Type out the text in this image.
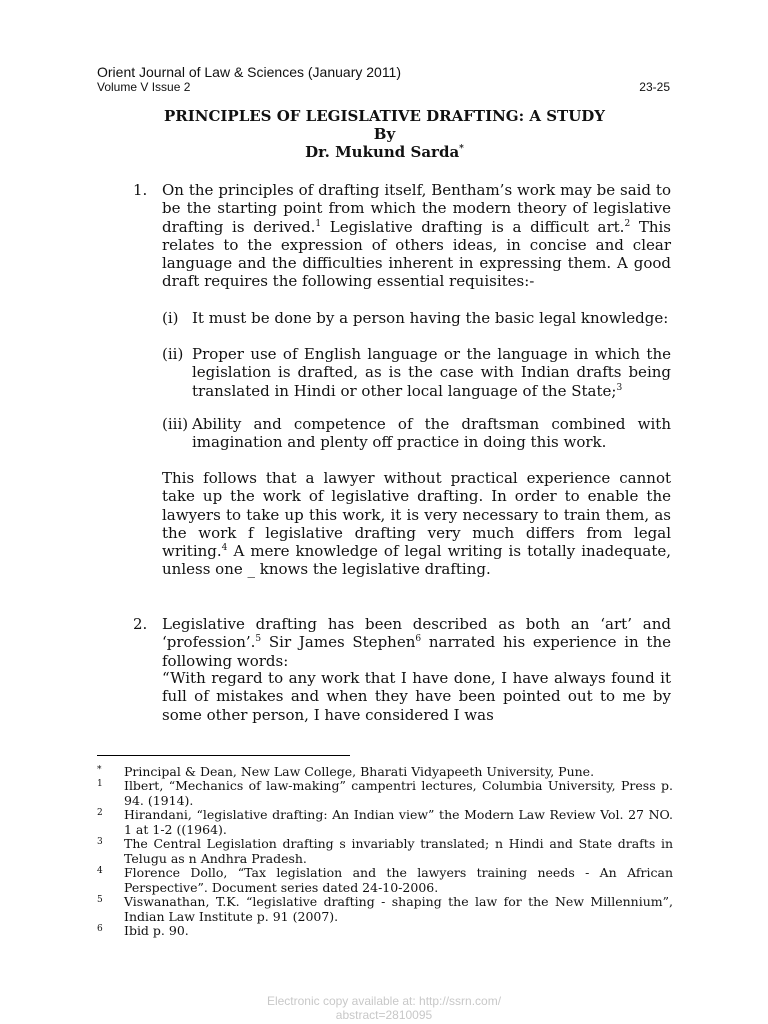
Orient Journal of Law & Sciences (January 2011)
Volume V Issue 2	23-25
PRINCIPLES OF LEGISLATIVE DRAFTING: A STUDY
By
Dr. Mukund Sarda*
1. On the principles of drafting itself, Bentham’s work may be said to be the starting point from which the modern theory of legislative drafting is derived.$^1$ Legislative drafting is a difficult art.$^2$ This relates to the expression of others ideas, in concise and clear language and the difficulties inherent in expressing them. A good draft requires the following essential requisites:-
(i) It must be done by a person having the basic legal knowledge:
(ii) Proper use of English language or the language in which the legislation is drafted, as is the case with Indian drafts being translated in Hindi or other local language of the State;$^3$
(iii) Ability and competence of the draftsman combined with imagination and plenty off practice in doing this work.
This follows that a lawyer without practical experience cannot take up the work of legislative drafting. In order to enable the lawyers to take up this work, it is very necessary to train them, as the work f legislative drafting very much differs from legal writing.$^4$ A mere knowledge of legal writing is totally inadequate, unless one _ knows the legislative drafting.
2. Legislative drafting has been described as both an ‘art’ and ‘profession’.$^5$ Sir James Stephen$^6$ narrated his experience in the following words:
“With regard to any work that I have done, I have always found it full of mistakes and when they have been pointed out to me by some other person, I have considered I was
* Principal & Dean, New Law College, Bharati Vidyapeeth University, Pune.
1 Ilbert, “Mechanics of law-making” campentri lectures, Columbia University, Press p. 94. (1914).
2 Hirandani, “legislative drafting: An Indian view” the Modern Law Review Vol. 27 NO. 1 at 1-2 ((1964).
3 The Central Legislation drafting s invariably translated; n Hindi and State drafts in Telugu as n Andhra Pradesh.
4 Florence Dollo, “Tax legislation and the lawyers training needs - An African Perspective”. Document series dated 24-10-2006.
5 Viswanathan, T.K. “legislative drafting - shaping the law for the New Millennium”, Indian Law Institute p. 91 (2007).
6 Ibid p. 90.
Electronic copy available at: http://ssrn.com/
abstract=2810095
